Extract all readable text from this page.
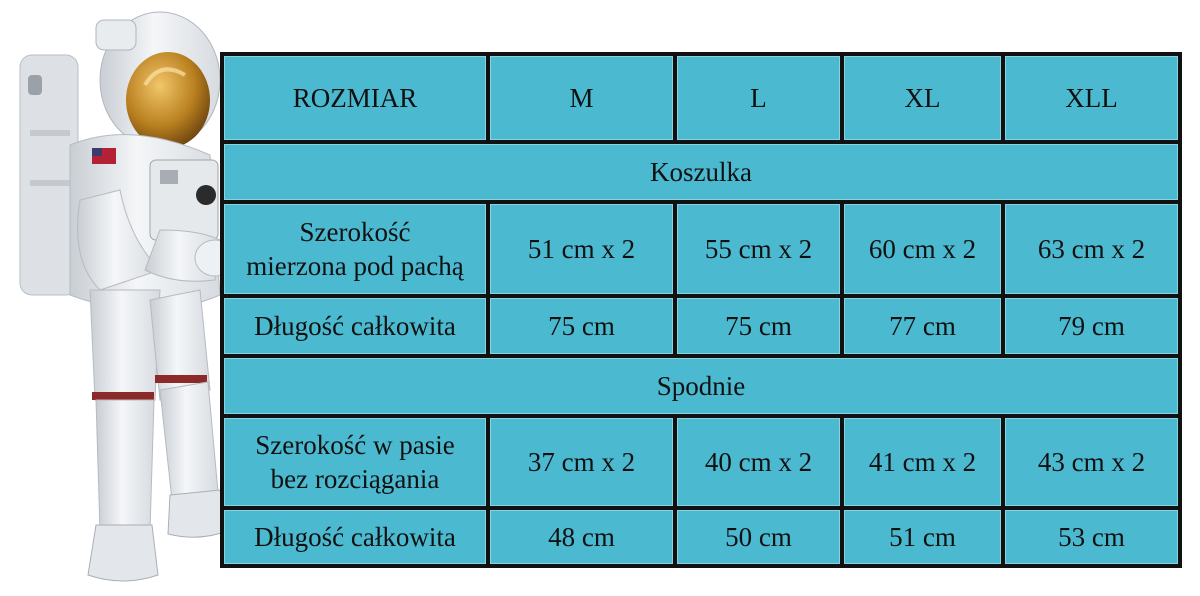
ROZMIAR	M	L	XL	XLL
Koszulka				
Szerokość
mierzona pod pachą	51 cm x 2	55 cm x 2	60 cm x 2	63 cm x 2
Długość całkowita	75 cm	75 cm	77 cm	79 cm
Spodnie				
Szerokość w pasie
bez rozciągania	37 cm x 2	40 cm x 2	41 cm x 2	43 cm x 2
Długość całkowita	48 cm	50 cm	51 cm	53 cm
